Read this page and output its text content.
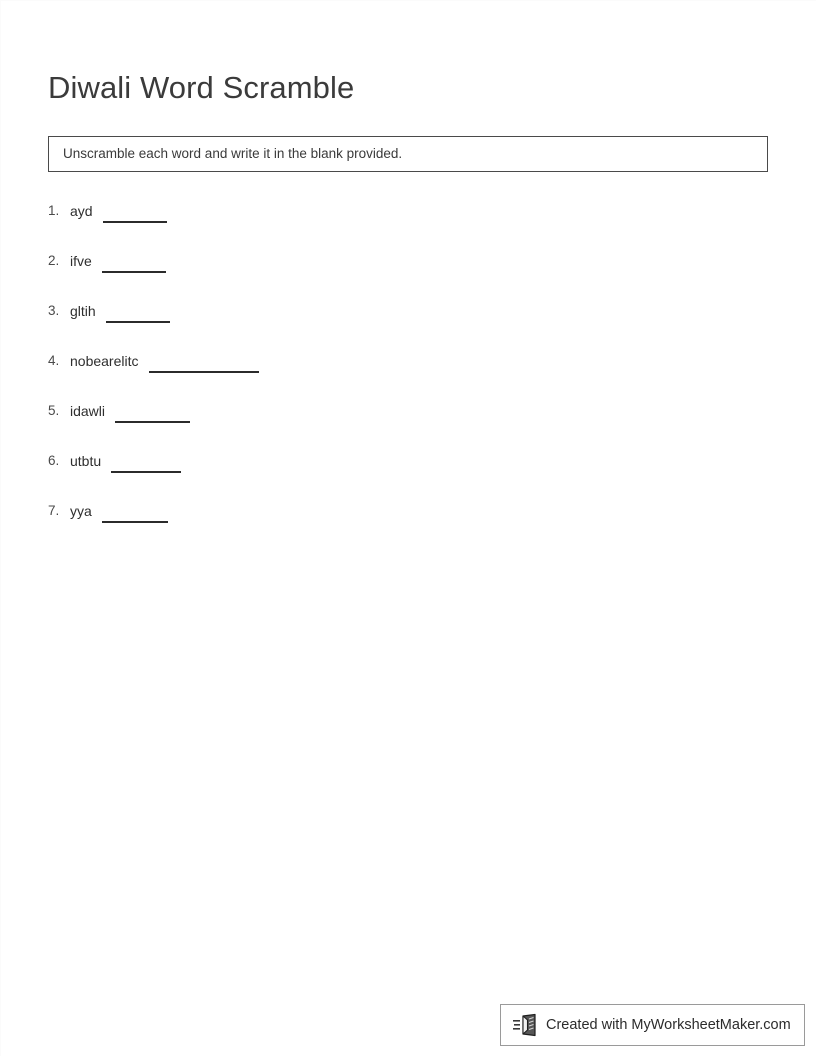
Diwali Word Scramble
Unscramble each word and write it in the blank provided.
1. ayd
2. ifve
3. gltih
4. nobearelitc
5. idawli
6. utbtu
7. yya
Created with MyWorksheetMaker.com
